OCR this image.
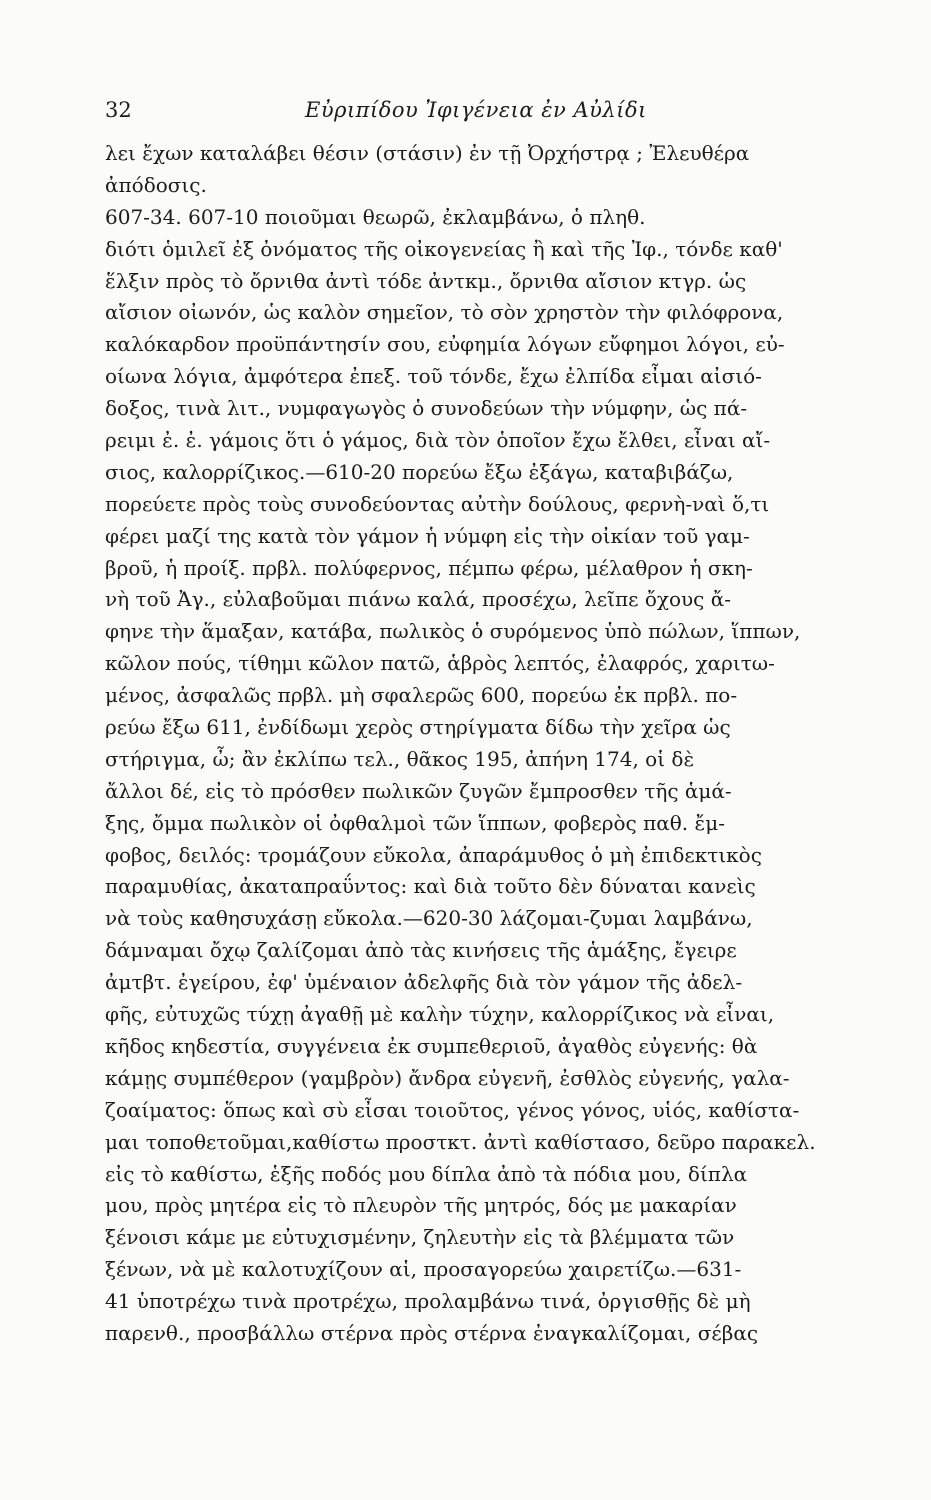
32	Εὐριπίδου Ἰφιγένεια ἐν Αὐλίδι
λει ἔχων καταλάβει θέσιν (στάσιν) ἐν τῇ Ὀρχήστρᾳ ; Ἐλευθέρα
ἀπόδοσις.
607-34. 607-10 ποιοῦμαι θεωρῶ, ἐκλαμβάνω, ὁ πληθ.
διότι ὁμιλεῖ ἐξ ὀνόματος τῆς οἰκογενείας ἢ καὶ τῆς Ἰφ., τόνδε καθ'
ἕλξιν πρὸς τὸ ὄρνιθα ἀντὶ τόδε ἀντκμ., ὄρνιθα αἴσιον κτγρ. ὡς
αἴσιον οἰωνόν, ὡς καλὸν σημεῖον, τὸ σὸν χρηστὸν τὴν φιλόφρονα,
καλόκαρδον προϋπάντησίν σου, εὐφημία λόγων εὔφημοι λόγοι, εὐ-
οίωνα λόγια, ἀμφότερα ἐπεξ. τοῦ τόνδε, ἔχω ἐλπίδα εἶμαι αἰσιό-
δοξος, τινὰ λιτ., νυμφαγωγὸς ὁ συνοδεύων τὴν νύμφην, ὡς πά-
ρειμι ἐ. ἐ. γάμοις ὅτι ὁ γάμος, διὰ τὸν ὁποῖον ἔχω ἔλθει, εἶναι αἴ-
σιος, καλορρίζικος.—610-20 πορεύω ἔξω ἐξάγω, καταβιβάζω,
πορεύετε πρὸς τοὺς συνοδεύοντας αὐτὴν δούλους, φερνὴ-ναὶ ὅ,τι
φέρει μαζί της κατὰ τὸν γάμον ἡ νύμφη εἰς τὴν οἰκίαν τοῦ γαμ-
βροῦ, ἡ προίξ. πρβλ. πολύφερνος, πέμπω φέρω, μέλαθρον ἡ σκη-
νὴ τοῦ Ἀγ., εὐλαβοῦμαι πιάνω καλά, προσέχω, λεῖπε ὄχους ἄ-
φηνε τὴν ἅμαξαν, κατάβα, πωλικὸς ὁ συρόμενος ὑπὸ πώλων, ἵππων,
κῶλον πούς, τίθημι κῶλον πατῶ, ἁβρὸς λεπτός, ἐλαφρός, χαριτω-
μένος, ἀσφαλῶς πρβλ. μὴ σφαλερῶς 600, πορεύω ἐκ πρβλ. πο-
ρεύω ἔξω 611, ἐνδίδωμι χερὸς στηρίγματα δίδω τὴν χεῖρα ὡς
στήριγμα, ὦ; ἂν ἐκλίπω τελ., θᾶκος 195, ἀπήνη 174, οἱ δὲ
ἄλλοι δέ, εἰς τὸ πρόσθεν πωλικῶν ζυγῶν ἔμπροσθεν τῆς ἁμά-
ξης, ὄμμα πωλικὸν οἱ ὀφθαλμοὶ τῶν ἵππων, φοβερὸς παθ. ἔμ-
φοβος, δειλός: τρομάζουν εὔκολα, ἀπαράμυθος ὁ μὴ ἐπιδεκτικὸς
παραμυθίας, ἀκαταπραΰντος: καὶ διὰ τοῦτο δὲν δύναται κανεὶς
νὰ τοὺς καθησυχάσῃ εὔκολα.—620-30 λάζομαι-ζυμαι λαμβάνω,
δάμναμαι ὄχῳ ζαλίζομαι ἀπὸ τὰς κινήσεις τῆς ἁμάξης, ἔγειρε
ἀμτβτ. ἐγείρου, ἐφ' ὑμέναιον ἀδελφῆς διὰ τὸν γάμον τῆς ἀδελ-
φῆς, εὐτυχῶς τύχῃ ἀγαθῇ μὲ καλὴν τύχην, καλορρίζικος νὰ εἶναι,
κῆδος κηδεστία, συγγένεια ἐκ συμπεθεριοῦ, ἀγαθὸς εὐγενής: θὰ
κάμῃς συμπέθερον (γαμβρὸν) ἄνδρα εὐγενῆ, ἐσθλὸς εὐγενής, γαλα-
ζοαίματος: ὅπως καὶ σὺ εἶσαι τοιοῦτος, γένος γόνος, υἱός, καθίστα-
μαι τοποθετοῦμαι,καθίστω προστκτ. ἀντὶ καθίστασο, δεῦρο παρακελ.
εἰς τὸ καθίστω, ἑξῆς ποδός μου δίπλα ἀπὸ τὰ πόδια μου, δίπλα
μου, πρὸς μητέρα εἰς τὸ πλευρὸν τῆς μητρός, δός με μακαρίαν
ξένοισι κάμε με εὐτυχισμένην, ζηλευτὴν εἰς τὰ βλέμματα τῶν
ξένων, νὰ μὲ καλοτυχίζουν αἱ, προσαγορεύω χαιρετίζω.—631-
41 ὑποτρέχω τινὰ προτρέχω, προλαμβάνω τινά, ὀργισθῇς δὲ μὴ
παρενθ., προσβάλλω στέρνα πρὸς στέρνα ἐναγκαλίζομαι, σέβας
